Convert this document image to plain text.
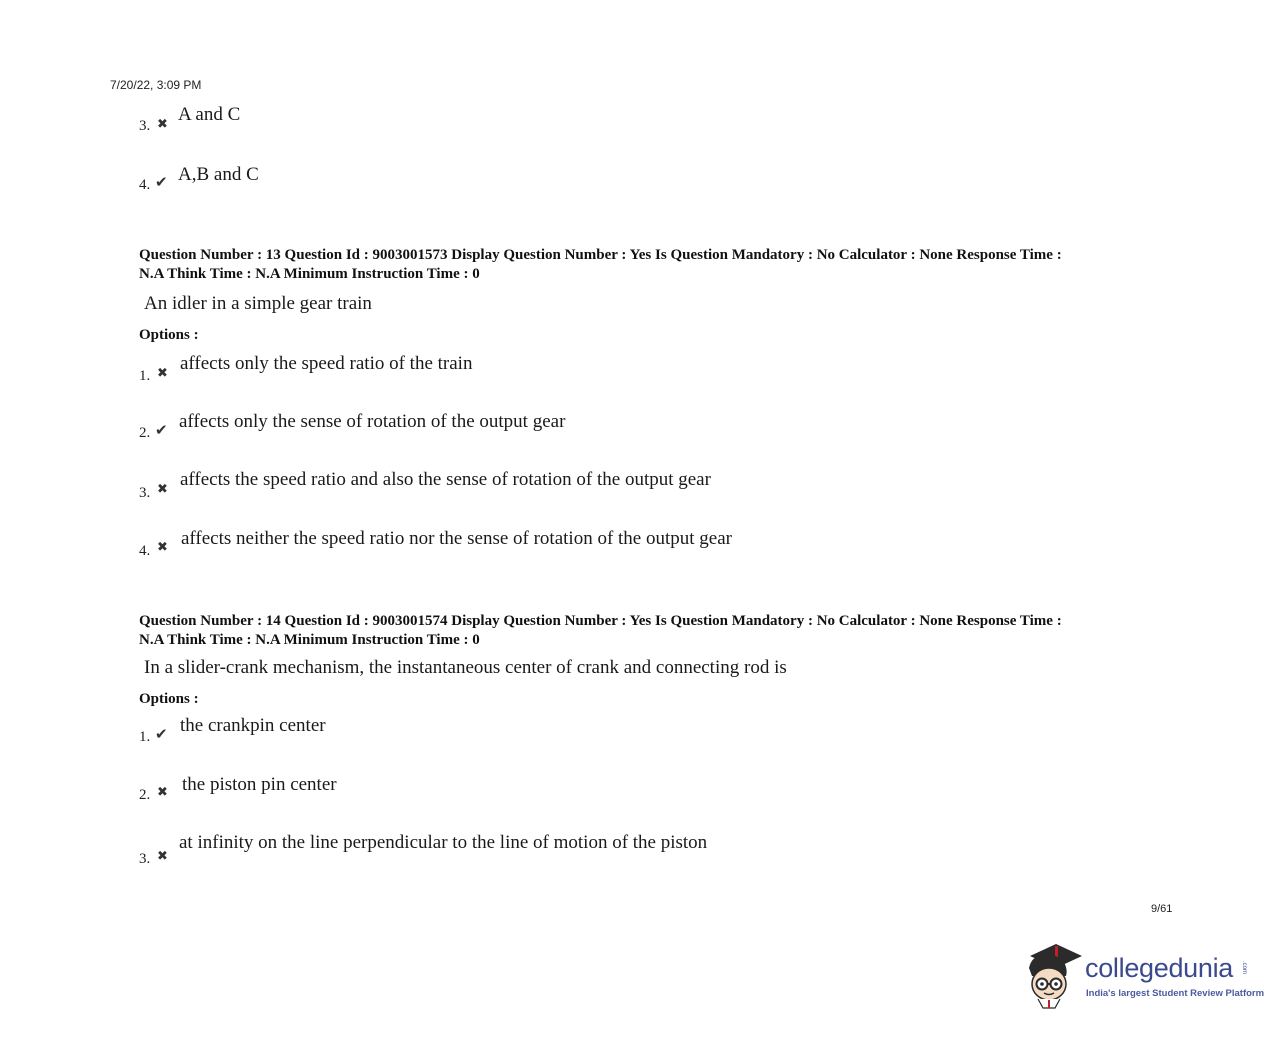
7/20/22, 3:09 PM
3. ✖ A and C
4. ✔ A,B and C
Question Number : 13 Question Id : 9003001573 Display Question Number : Yes Is Question Mandatory : No Calculator : None Response Time :
N.A Think Time : N.A Minimum Instruction Time : 0
An idler in a simple gear train
Options :
1. ✖ affects only the speed ratio of the train
2. ✔ affects only the sense of rotation of the output gear
3. ✖ affects the speed ratio and also the sense of rotation of the output gear
4. ✖ affects neither the speed ratio nor the sense of rotation of the output gear
Question Number : 14 Question Id : 9003001574 Display Question Number : Yes Is Question Mandatory : No Calculator : None Response Time :
N.A Think Time : N.A Minimum Instruction Time : 0
In a slider-crank mechanism, the instantaneous center of crank and connecting rod is
Options :
1. ✔ the crankpin center
2. ✖ the piston pin center
3. ✖
at infinity on the line perpendicular to the line of motion of the piston
9/61
collegedunia .com
India's largest Student Review Platform
